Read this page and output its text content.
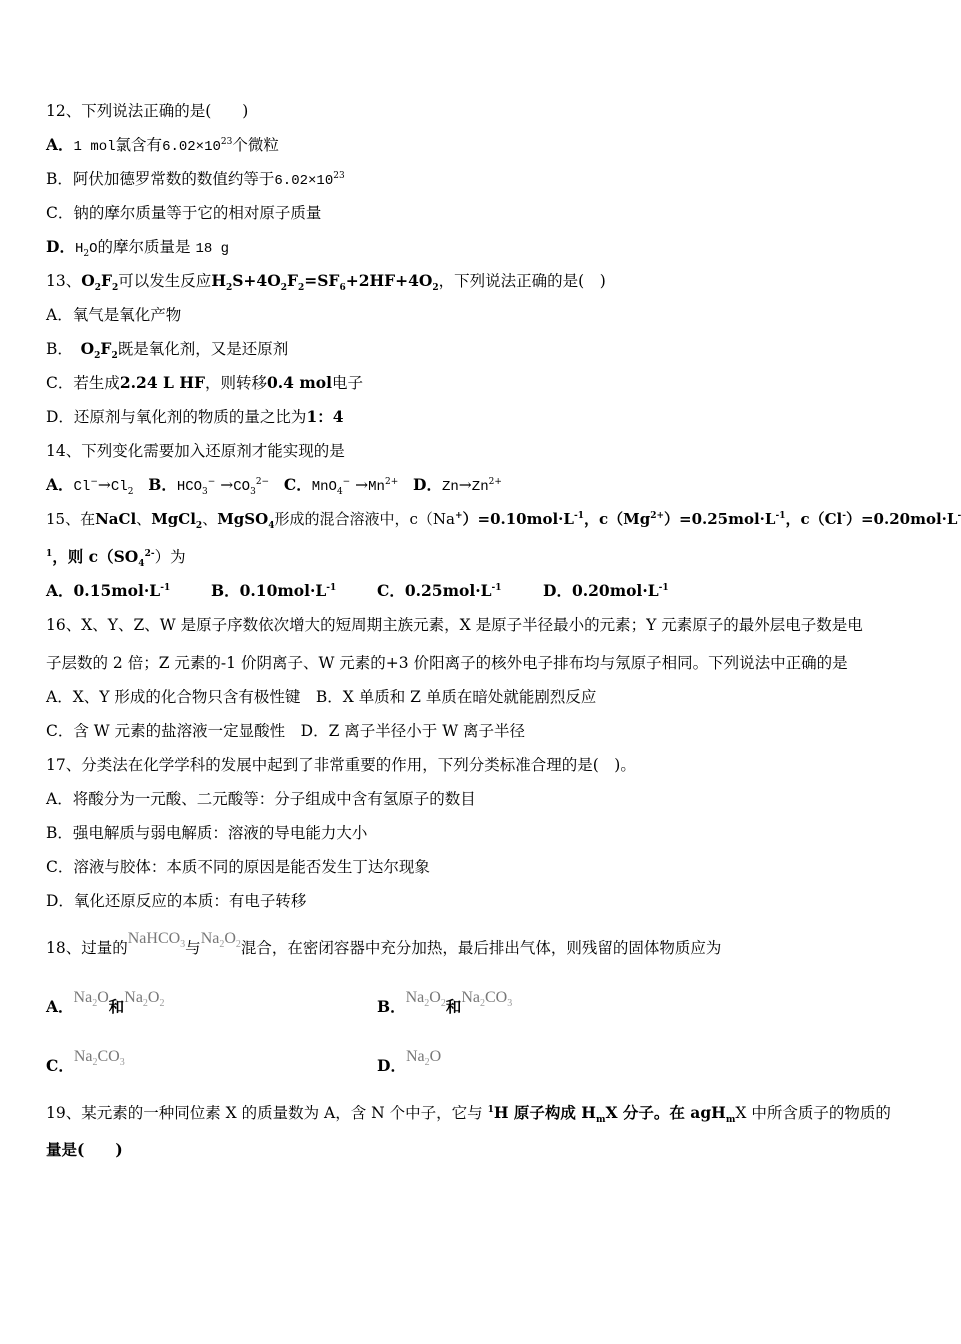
12、下列说法正确的是(　　)
A．1 mol氯含有$6.02\times 10^{23}$个微粒
B．阿伏加德罗常数的数值约等于$6.02\times 10^{23}$
C．钠的摩尔质量等于它的相对原子质量
D．$H_2O$的摩尔质量是 18 g
13、$O_2F_2$可以发生反应$H_2S+4O_2F_2=SF_6+2HF+4O_2$，下列说法正确的是(　)
A．氧气是氧化产物
B．　$O_2F_2$既是氧化剂，又是还原剂
C．若生成2.24 L HF，则转移0.4 mol电子
D．还原剂与氧化剂的物质的量之比为1：4
14、下列变化需要加入还原剂才能实现的是
A．$Cl^-\to Cl_2$ B．$HCO_3^- \to CO_3^{2-}$ C．$MnO_4^- \to Mn^{2+}$ D．$Zn\to Zn^{2+}$
15、在NaCl、MgCl$_2$、MgSO$_4$形成的混合溶液中，$c(Na^+)=0.10mol\cdot L^{-1}$，$c(Mg^{2+})=0.25mol\cdot L^{-1}$，c（Cl-）=0.20mol·L-
$^1$，则 $c(SO_4^{2-})$为
A．$0.15mol\cdot L^{-1}$	B．$0.10mol\cdot L^{-1}$	C．$0.25mol\cdot L^{-1}$	D．$0.20mol\cdot L^{-1}$
16、X、Y、Z、W 是原子序数依次增大的短周期主族元素，X 是原子半径最小的元素；Y 元素原子的最外层电子数是电
子层数的 2 倍；Z 元素的-1 价阴离子、W 元素的+3 价阳离子的核外电子排布均与氖原子相同。下列说法中正确的是
A．X、Y 形成的化合物只含有极性键　B．X 单质和 Z 单质在暗处就能剧烈反应
C．含 W 元素的盐溶液一定显酸性　D．Z 离子半径小于 W 离子半径
17、分类法在化学学科的发展中起到了非常重要的作用，下列分类标准合理的是(　)。
A．将酸分为一元酸、二元酸等：分子组成中含有氢原子的数目
B．强电解质与弱电解质：溶液的导电能力大小
C．溶液与胶体：本质不同的原因是能否发生丁达尔现象
D．氧化还原反应的本质：有电子转移
18、过量的NaHCO$_3$与$Na_2O_2$混合，在密闭容器中充分加热，最后排出气体，则残留的固体物质应为
A．$Na_2O$和$Na_2O_2$	B．$Na_2O_2$和$Na_2CO_3$
C．$Na_2CO_3$	D．$Na_2O$
19、某元素的一种同位素 X 的质量数为 A，含 N 个中子，它与 $^1$H 原子构成 $H_mX$ 分子。在 agH$_m$X 中所含质子的物质的
量是(　　)
